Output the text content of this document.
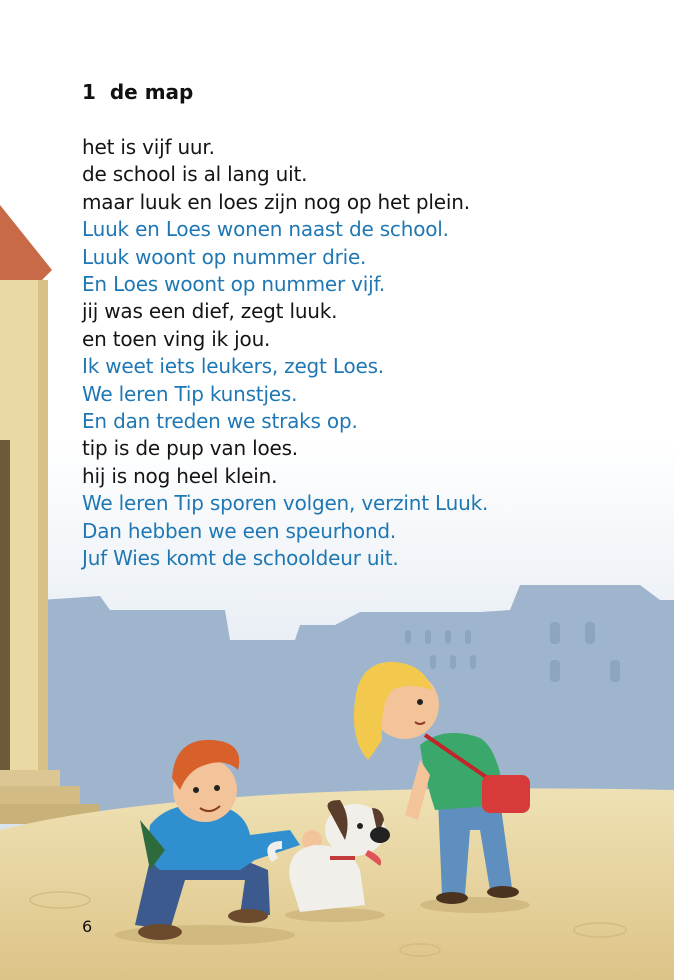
1 de map
het is vijf uur.
de school is al lang uit.
maar luuk en loes zijn nog op het plein.
Luuk en Loes wonen naast de school.
Luuk woont op nummer drie.
En Loes woont op nummer vijf.
jij was een dief, zegt luuk.
en toen ving ik jou.
Ik weet iets leukers, zegt Loes.
We leren Tip kunstjes.
En dan treden we straks op.
tip is de pup van loes.
hij is nog heel klein.
We leren Tip sporen volgen, verzint Luuk.
Dan hebben we een speurhond.
Juf Wies komt de schooldeur uit.
6
